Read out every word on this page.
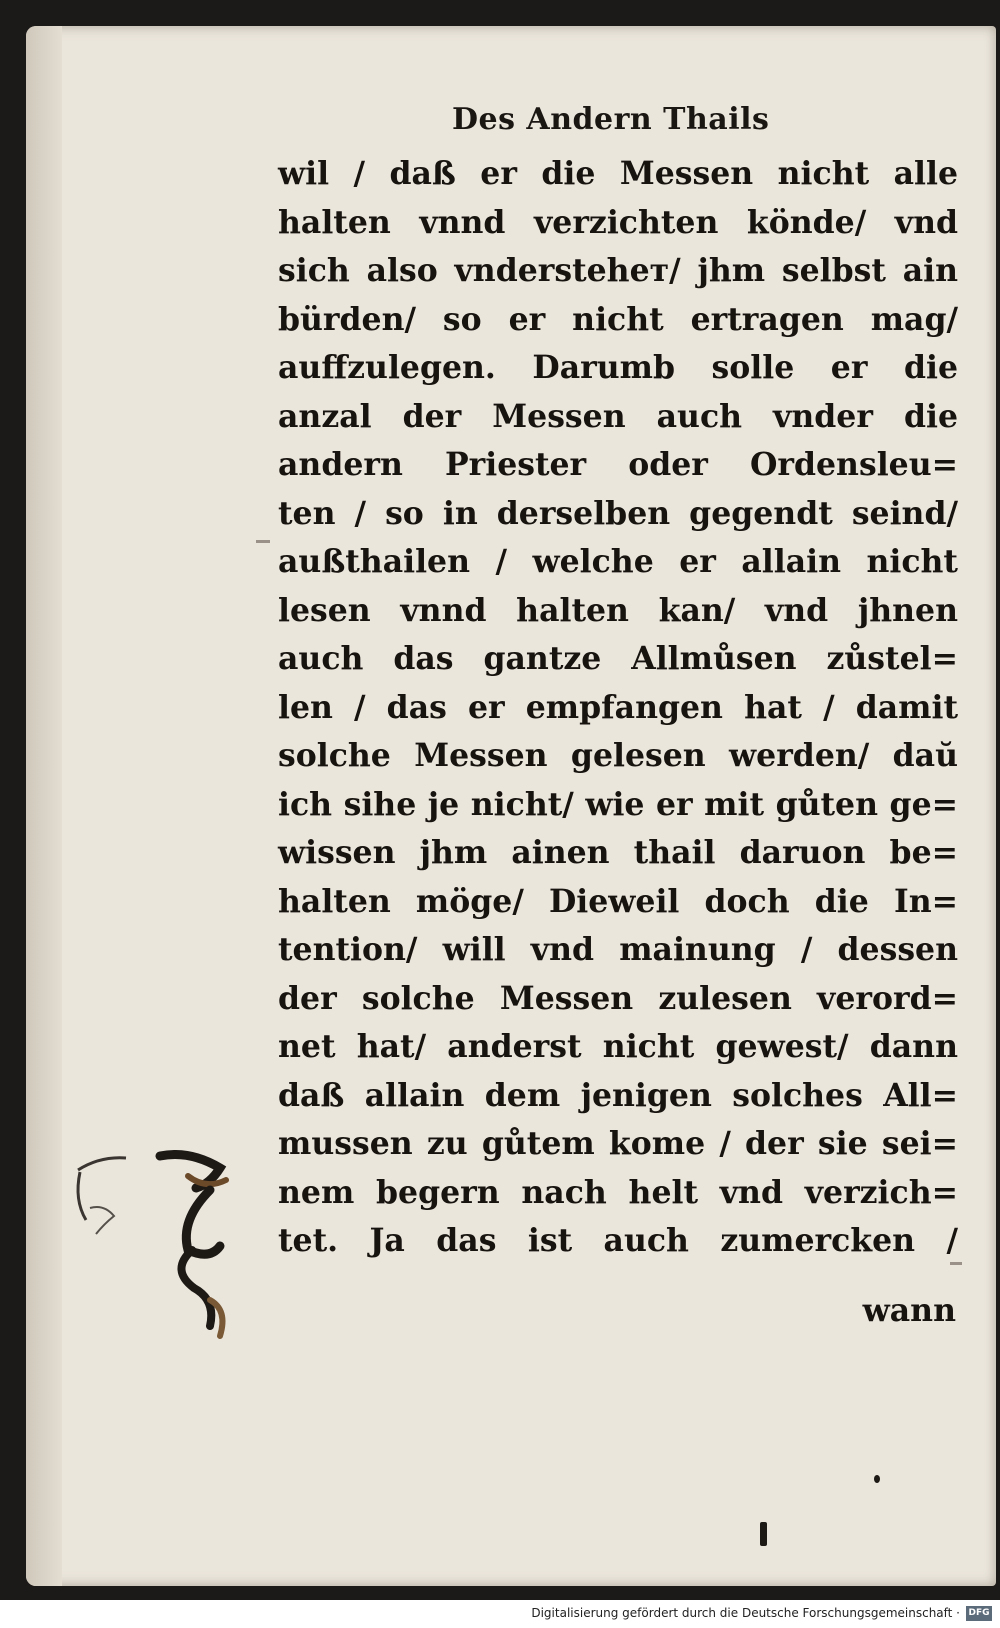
Des Andern Thails
wil / daß er die Messen nicht alle
halten vnnd verzichten könde/ vnd
sich also vndersteheт/ jhm selbst ain
bürden/ so er nicht ertragen mag/
auffzulegen. Darumb solle er die
anzal der Messen auch vnder die
andern Priester oder Ordensleu=
ten / so in derselben gegendt seind/
außthailen / welche er allain nicht
lesen vnnd halten kan/ vnd jhnen
auch das gantze Allmůsen zůstel=
len / das er empfangen hat / damit
solche Messen gelesen werden/ daŭ
ich sihe je nicht/ wie er mit gůten ge=
wissen jhm ainen thail daruon be=
halten möge/ Dieweil doch die In=
tention/ will vnd mainung / dessen
der solche Messen zulesen verord=
net hat/ anderst nicht gewest/ dann
daß allain dem jenigen solches All=
mussen zu gůtem kome / der sie sei=
nem begern nach helt vnd verzich=
tet. Ja das ist auch zumercken /
wann
Digitalisierung gefördert durch die Deutsche Forschungsgemeinschaft · DFG
